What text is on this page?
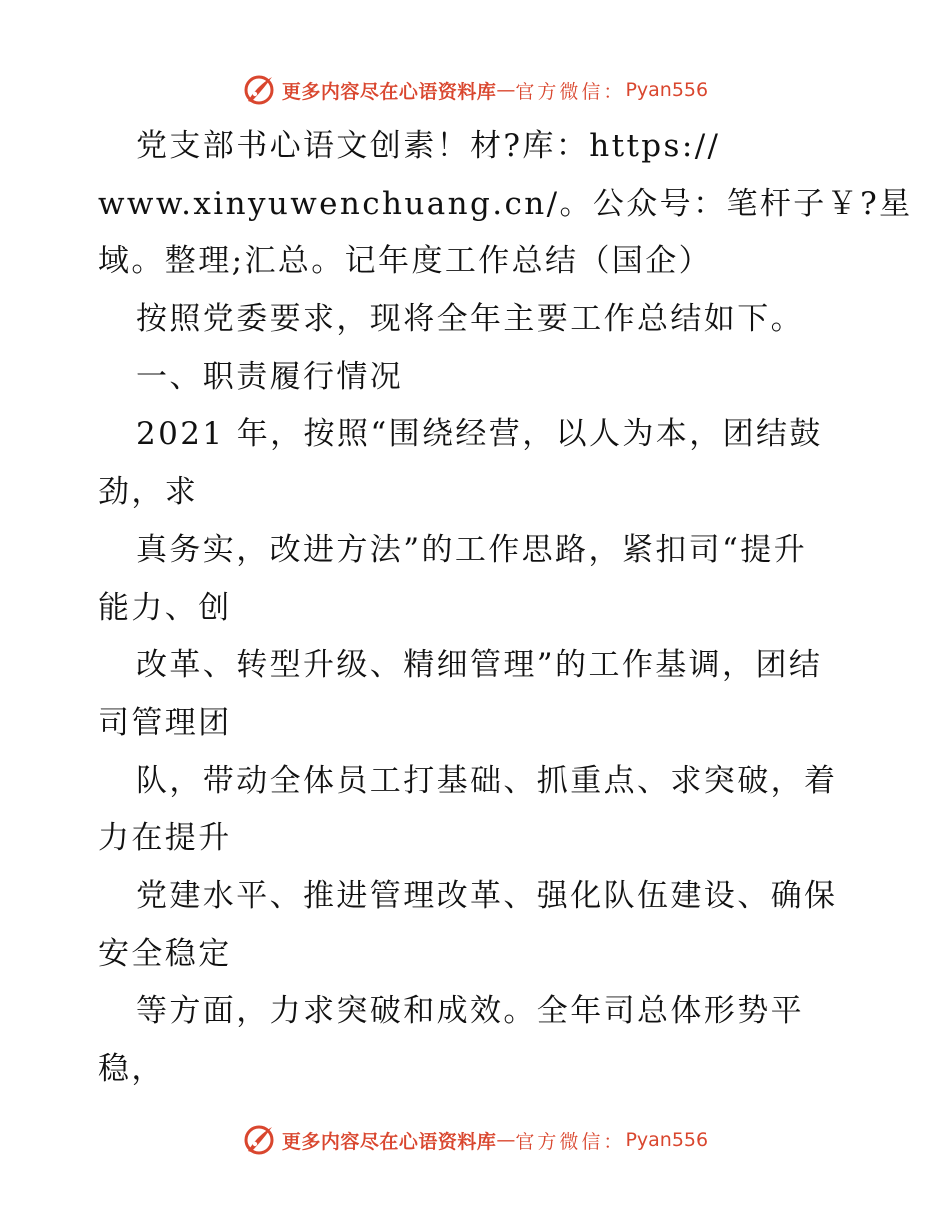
更多内容尽在心语资料库 — 官方微信： Pyan556
党支部书心语文创素！材?库：https://
www.xinyuwenchuang.cn/。公众号：笔杆子￥?星
域。整理;汇总。记年度工作总结（国企）
按照党委要求，现将全年主要工作总结如下。
一、职责履行情况
2021 年，按照“围绕经营，以人为本，团结鼓
劲，求
真务实，改进方法”的工作思路，紧扣司“提升
能力、创
改革、转型升级、精细管理”的工作基调，团结
司管理团
队，带动全体员工打基础、抓重点、求突破，着
力在提升
党建水平、推进管理改革、强化队伍建设、确保
安全稳定
等方面，力求突破和成效。全年司总体形势平
稳，
更多内容尽在心语资料库 — 官方微信： Pyan556
